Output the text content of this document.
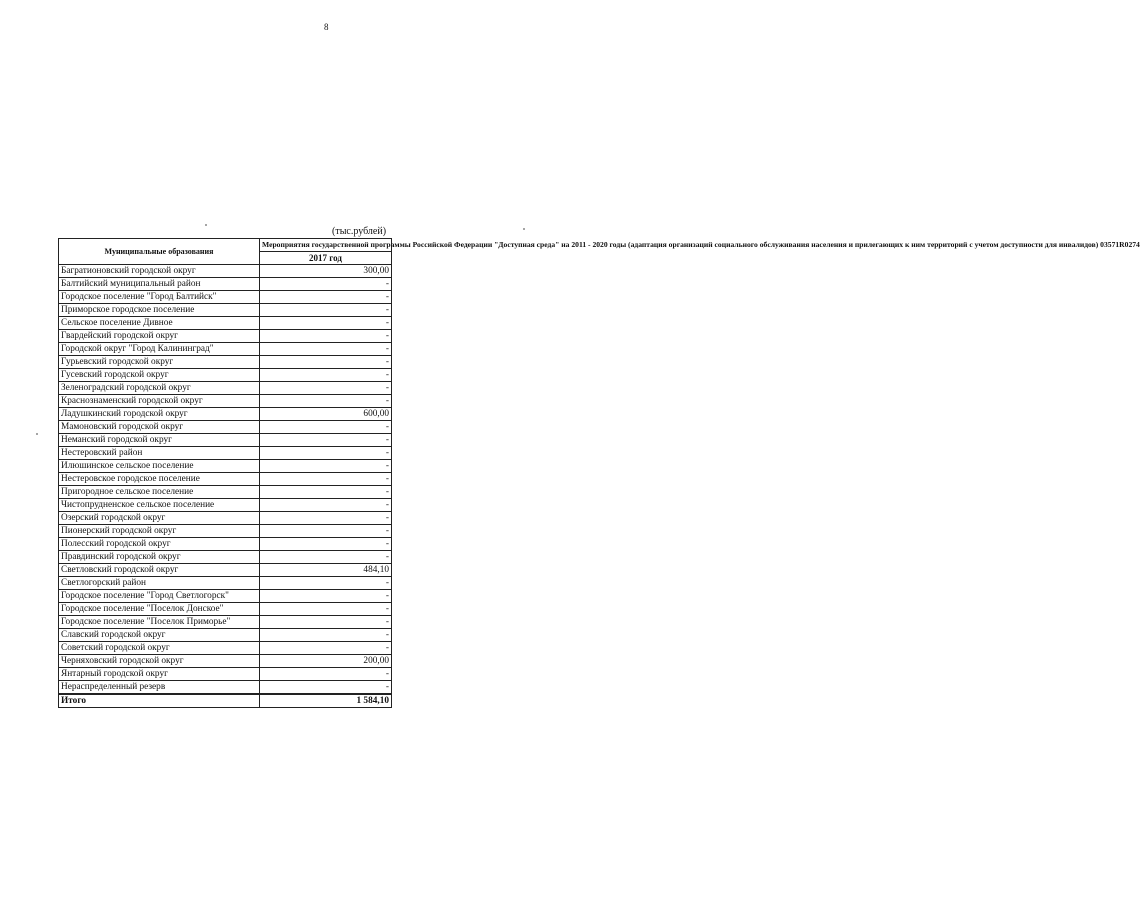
8
(тыс.рублей)
Муниципальные образования	Мероприятия государственной программы Российской Федерации "Доступная среда" на 2011 - 2020 годы (адаптация организаций социального обслуживания населения и прилегающих к ним территорий с учетом доступности для инвалидов) 03571R0274
	2017 год
Багратионовский городской округ	300,00
Балтийский муниципальный район	-
Городское поселение "Город Балтийск"	-
Приморское городское поселение	-
Сельское поселение Дивное	-
Гвардейский городской округ	-
Городской округ "Город Калининград"	-
Гурьевский городской округ	-
Гусевский городской округ	-
Зеленоградский городской округ	-
Краснознаменский городской округ	-
Ладушкинский городской округ	600,00
Мамоновский городской округ	-
Неманский городской округ	-
Нестеровский район	-
Илюшинское сельское поселение	-
Нестеровское городское поселение	-
Пригородное сельское поселение	-
Чистопрудненское сельское поселение	-
Озерский городской округ	-
Пионерский городской округ	-
Полесский городской округ	-
Правдинский городской округ	-
Светловский городской округ	484,10
Светлогорский район	-
Городское поселение "Город Светлогорск"	-
Городское поселение "Поселок Донское"	-
Городское поселение "Поселок Приморье"	-
Славский городской округ	-
Советский городской округ	-
Черняховский городской округ	200,00
Янтарный городской округ	-
Нераспределенный резерв	-
Итого	1 584,10
